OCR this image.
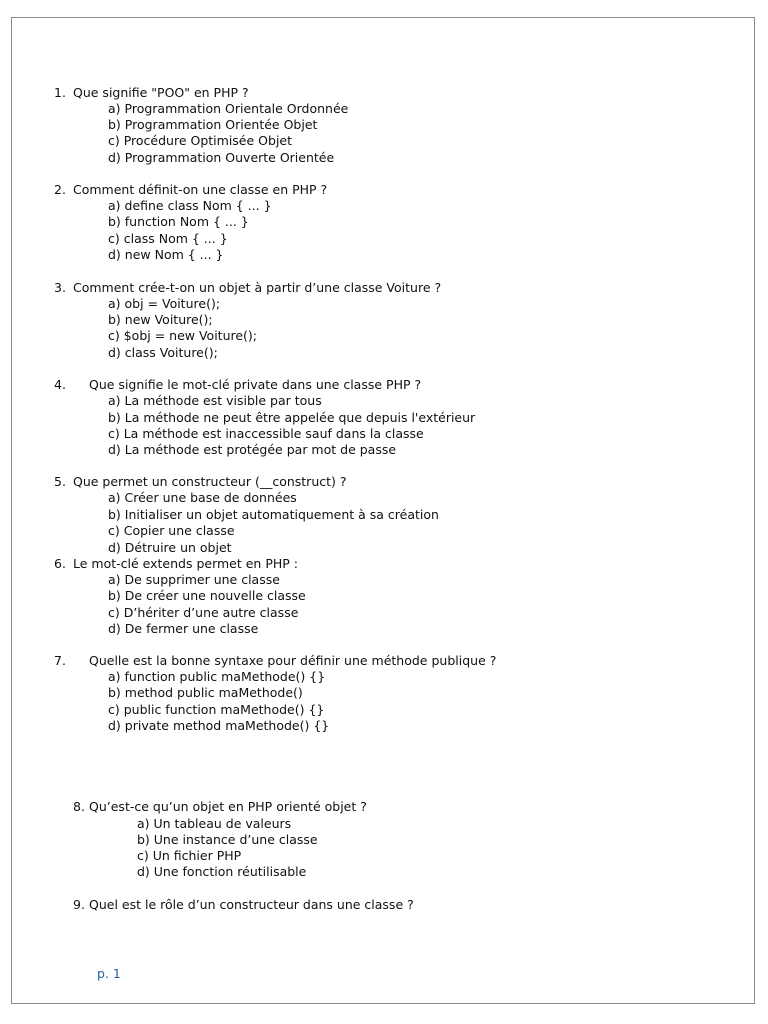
1. Que signifie "POO" en PHP ?
a) Programmation Orientale Ordonnée
b) Programmation Orientée Objet
c) Procédure Optimisée Objet
d) Programmation Ouverte Orientée
2. Comment définit-on une classe en PHP ?
a) define class Nom { ... }
b) function Nom { ... }
c) class Nom { ... }
d) new Nom { ... }
3. Comment crée-t-on un objet à partir d’une classe Voiture ?
a) obj = Voiture();
b) new Voiture();
c) $obj = new Voiture();
d) class Voiture();
4. Que signifie le mot-clé private dans une classe PHP ?
a) La méthode est visible par tous
b) La méthode ne peut être appelée que depuis l'extérieur
c) La méthode est inaccessible sauf dans la classe
d) La méthode est protégée par mot de passe
5. Que permet un constructeur (__construct) ?
a) Créer une base de données
b) Initialiser un objet automatiquement à sa création
c) Copier une classe
d) Détruire un objet
6. Le mot-clé extends permet en PHP :
a) De supprimer une classe
b) De créer une nouvelle classe
c) D’hériter d’une autre classe
d) De fermer une classe
7. Quelle est la bonne syntaxe pour définir une méthode publique ?
a) function public maMethode() {}
b) method public maMethode()
c) public function maMethode() {}
d) private method maMethode() {}
8. Qu’est-ce qu’un objet en PHP orienté objet ?
a) Un tableau de valeurs
b) Une instance d’une classe
c) Un fichier PHP
d) Une fonction réutilisable
9. Quel est le rôle d’un constructeur dans une classe ?
p. 1
